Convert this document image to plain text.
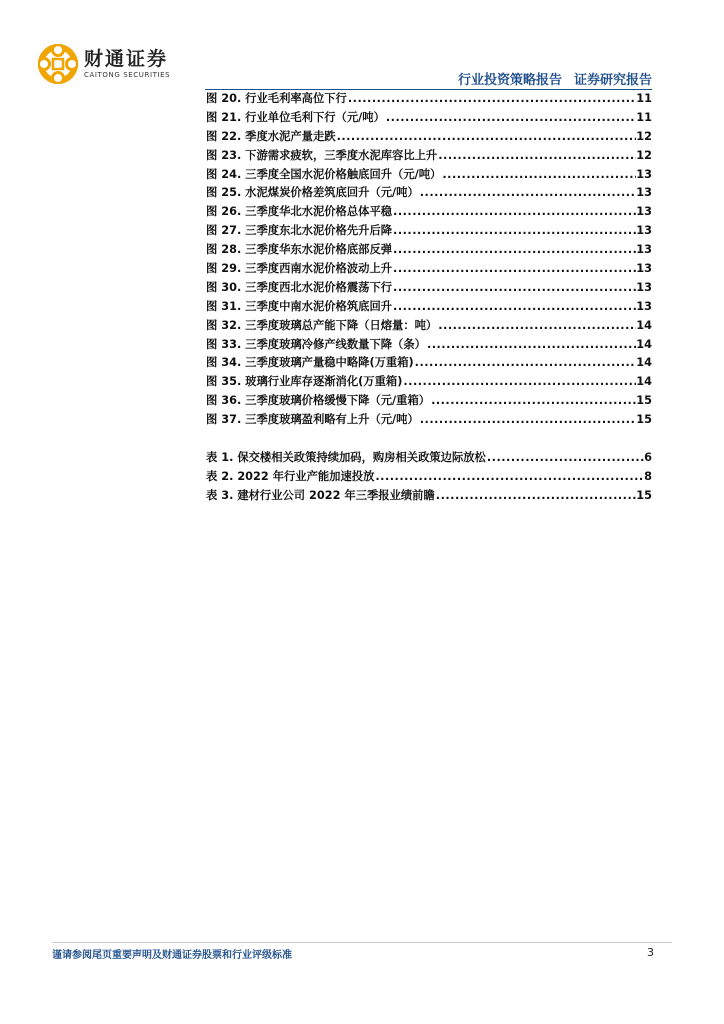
财通证券
CAITONG SECURITIES	行业投资策略报告 证券研究报告
图 20. 行业毛利率高位下行 .....	11
图 21. 行业单位毛利下行（元/吨） .....	11
图 22. 季度水泥产量走跌 .....	12
图 23. 下游需求疲软，三季度水泥库容比上升 .....	12
图 24. 三季度全国水泥价格触底回升（元/吨） .....	13
图 25. 水泥煤炭价格差筑底回升（元/吨） .....	13
图 26. 三季度华北水泥价格总体平稳 .....	13
图 27. 三季度东北水泥价格先升后降 .....	13
图 28. 三季度华东水泥价格底部反弹 .....	13
图 29. 三季度西南水泥价格波动上升 .....	13
图 30. 三季度西北水泥价格震荡下行 .....	13
图 31. 三季度中南水泥价格筑底回升 .....	13
图 32. 三季度玻璃总产能下降（日熔量：吨） .....	14
图 33. 三季度玻璃冷修产线数量下降（条） .....	14
图 34. 三季度玻璃产量稳中略降(万重箱) .....	14
图 35. 玻璃行业库存逐渐消化(万重箱) .....	14
图 36. 三季度玻璃价格缓慢下降（元/重箱） .....	15
图 37. 三季度玻璃盈利略有上升（元/吨） .....	15
表 1. 保交楼相关政策持续加码，购房相关政策边际放松 .....	6
表 2. 2022 年行业产能加速投放 .....	8
表 3. 建材行业公司 2022 年三季报业绩前瞻 .....	15
谨请参阅尾页重要声明及财通证券股票和行业评级标准	3
